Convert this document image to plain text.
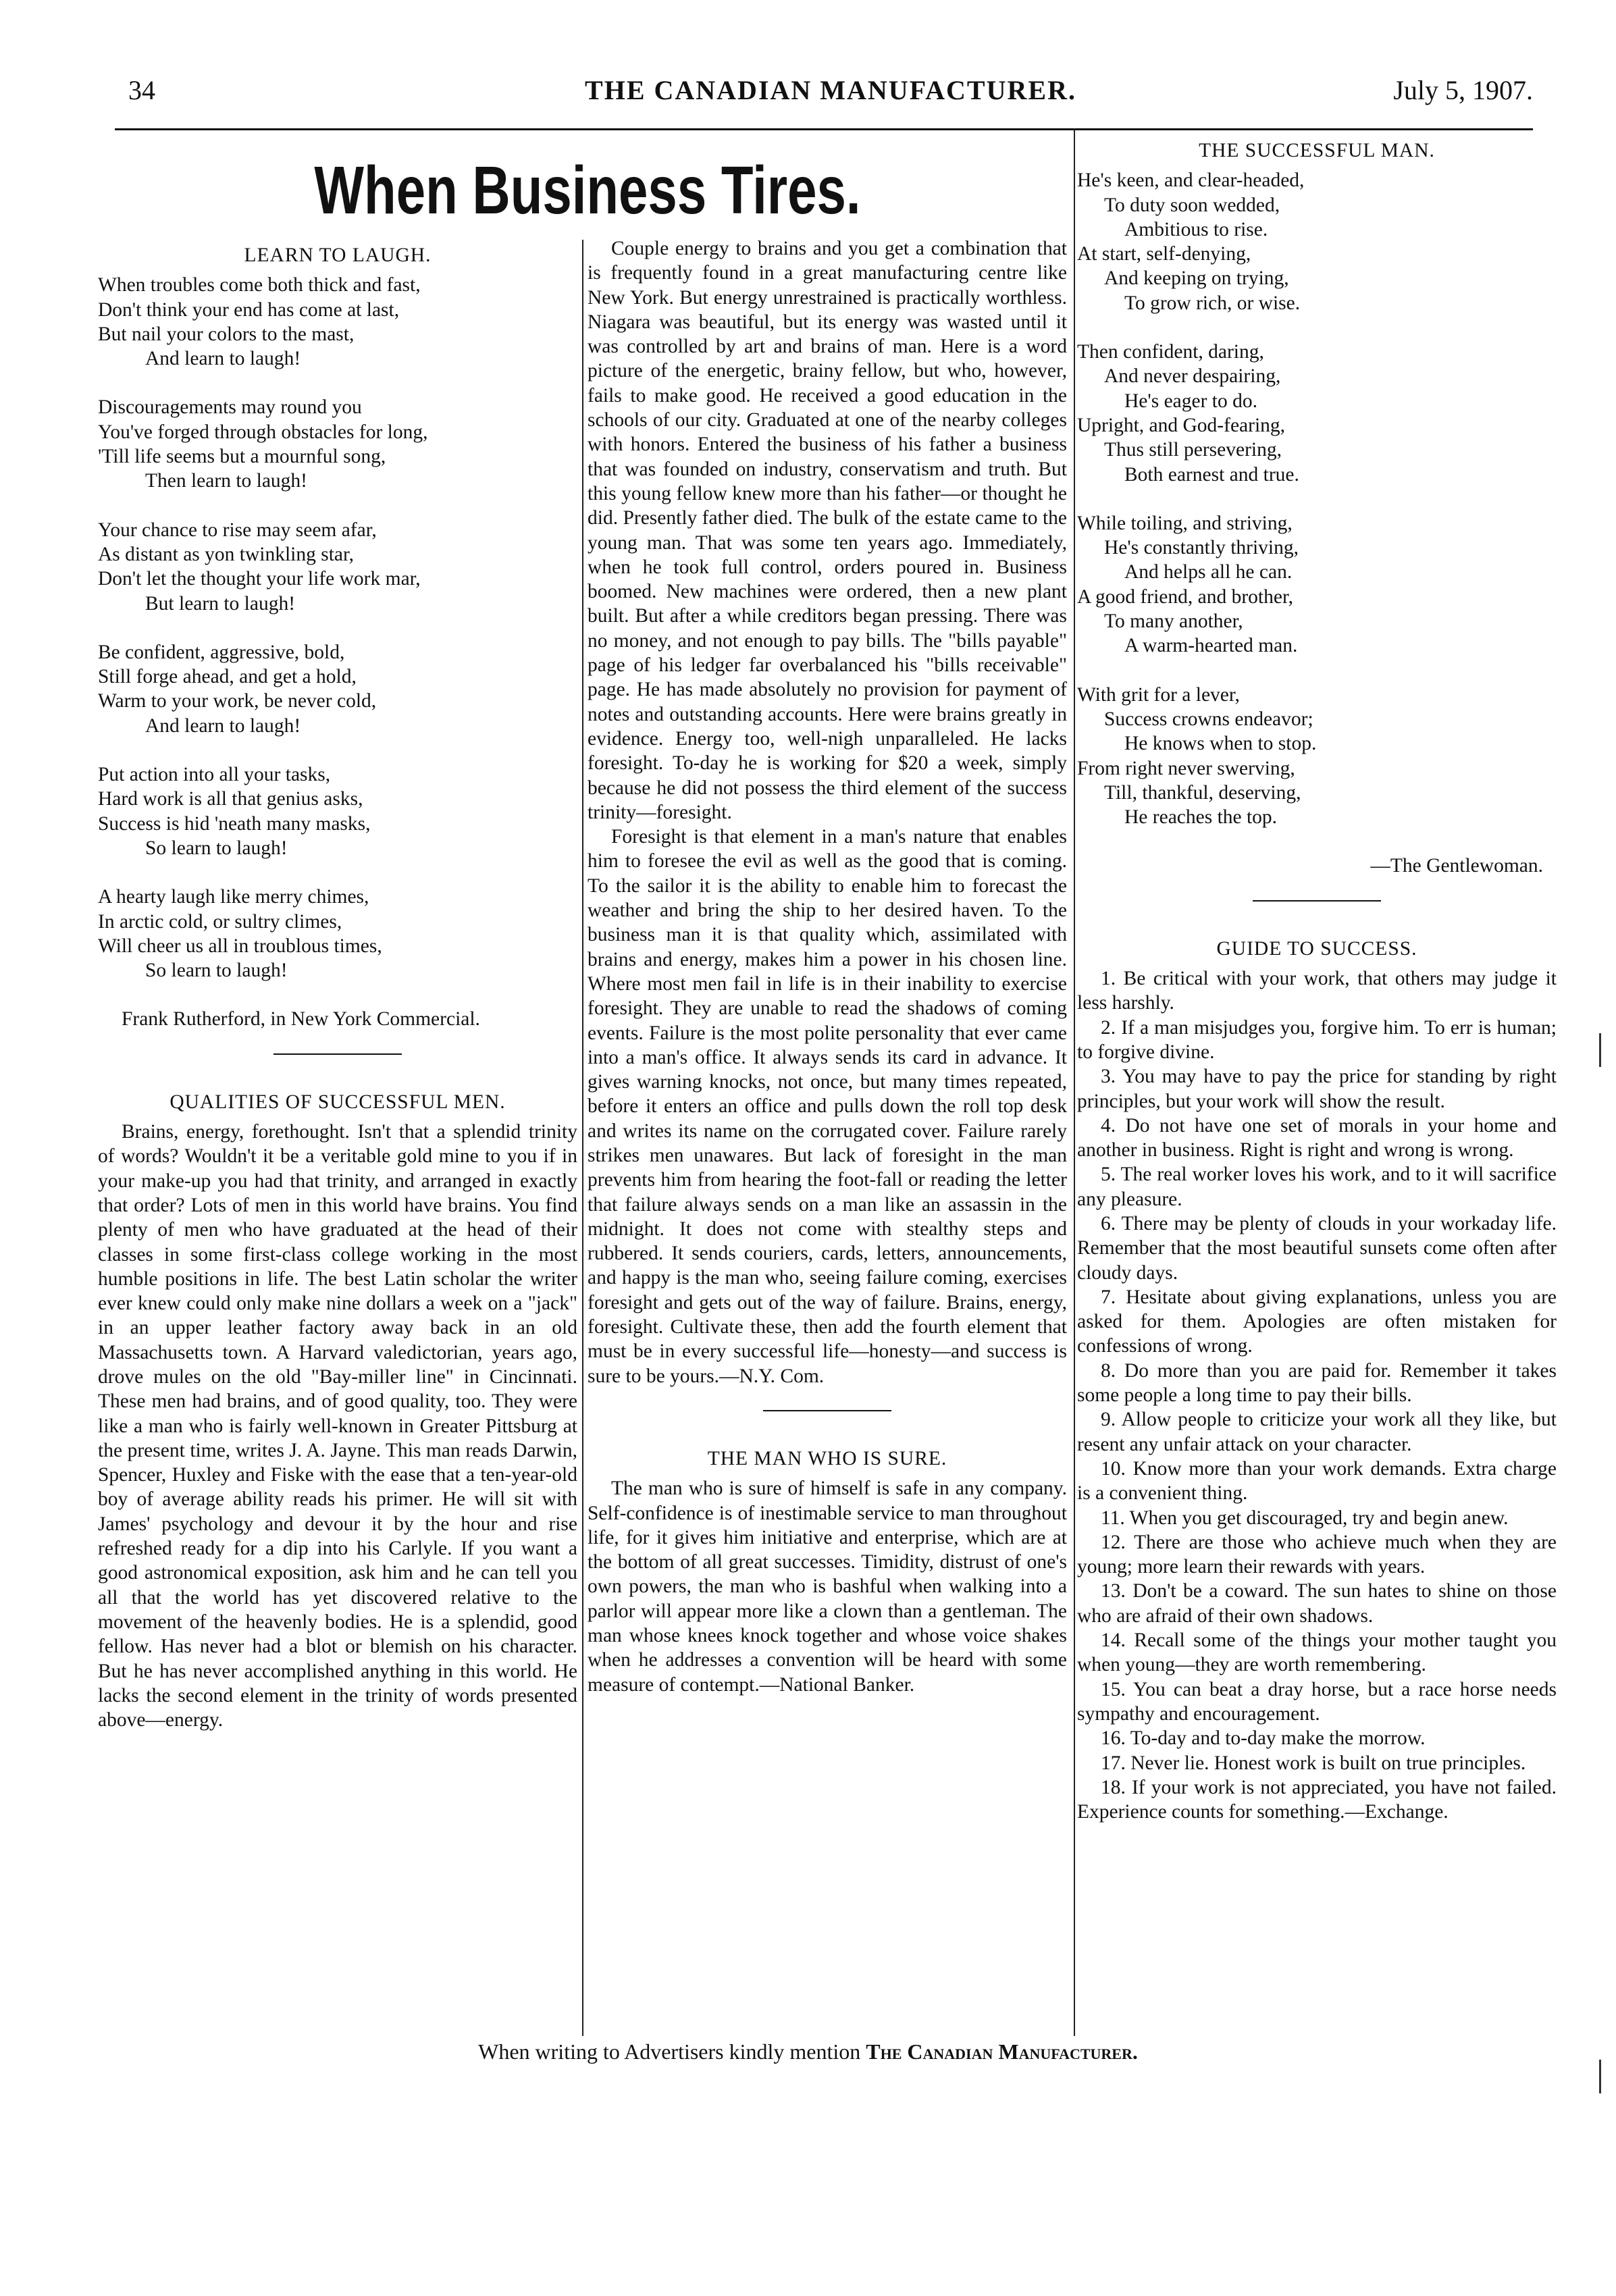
34	THE CANADIAN MANUFACTURER.	July 5, 1907.
When Business Tires.
LEARN TO LAUGH.

When troubles come both thick and fast,

Don't think your end has come at last,

But nail your colors to the mast,

And learn to laugh!

Discouragements may round you

You've forged through obstacles for long,

'Till life seems but a mournful song,

Then learn to laugh!

Your chance to rise may seem afar,

As distant as yon twinkling star,

Don't let the thought your life work mar,

But learn to laugh!

Be confident, aggressive, bold,

Still forge ahead, and get a hold,

Warm to your work, be never cold,

And learn to laugh!

Put action into all your tasks,

Hard work is all that genius asks,

Success is hid 'neath many masks,

So learn to laugh!

A hearty laugh like merry chimes,

In arctic cold, or sultry climes,

Will cheer us all in troublous times,

So learn to laugh!

Frank Rutherford, in New York Commercial.

QUALITIES OF SUCCESSFUL MEN.

Brains, energy, forethought. Isn't that a splendid trinity of words? Wouldn't it be a veritable gold mine to you if in your make-up you had that trinity, and arranged in exactly that order? Lots of men in this world have brains. You find plenty of men who have graduated at the head of their classes in some first-class college working in the most humble positions in life. The best Latin scholar the writer ever knew could only make nine dollars a week on a "jack" in an upper leather factory away back in an old Massachusetts town. A Harvard valedictorian, years ago, drove mules on the old "Bay-miller line" in Cincinnati. These men had brains, and of good quality, too. They were like a man who is fairly well-known in Greater Pittsburg at the present time, writes J. A. Jayne. This man reads Darwin, Spencer, Huxley and Fiske with the ease that a ten-year-old boy of average ability reads his primer. He will sit with James' psychology and devour it by the hour and rise refreshed ready for a dip into his Carlyle. If you want a good astronomical exposition, ask him and he can tell you all that the world has yet discovered relative to the movement of the heavenly bodies. He is a splendid, good fellow. Has never had a blot or blemish on his character. But he has never accomplished anything in this world. He lacks the second element in the trinity of words presented above—energy.

Couple energy to brains and you get a combination that is frequently found in a great manufacturing centre like New York. But energy unrestrained is practically worthless. Niagara was beautiful, but its energy was wasted until it was controlled by art and brains of man. Here is a word picture of the energetic, brainy fellow, but who, however, fails to make good. He received a good education in the schools of our city. Graduated at one of the nearby colleges with honors. Entered the business of his father a business that was founded on industry, conservatism and truth. But this young fellow knew more than his father—or thought he did. Presently father died. The bulk of the estate came to the young man. That was some ten years ago. Immediately, when he took full control, orders poured in. Business boomed. New machines were ordered, then a new plant built. But after a while creditors began pressing. There was no money, and not enough to pay bills. The "bills payable" page of his ledger far overbalanced his "bills receivable" page. He has made absolutely no provision for payment of notes and outstanding accounts. Here were brains greatly in evidence. Energy too, well-nigh unparalleled. He lacks foresight. To-day he is working for $20 a week, simply because he did not possess the third element of the success trinity—foresight.

Foresight is that element in a man's nature that enables him to foresee the evil as well as the good that is coming. To the sailor it is the ability to enable him to forecast the weather and bring the ship to her desired haven. To the business man it is that quality which, assimilated with brains and energy, makes him a power in his chosen line. Where most men fail in life is in their inability to exercise foresight. They are unable to read the shadows of coming events. Failure is the most polite personality that ever came into a man's office. It always sends its card in advance. It gives warning knocks, not once, but many times repeated, before it enters an office and pulls down the roll top desk and writes its name on the corrugated cover. Failure rarely strikes men unawares. But lack of foresight in the man prevents him from hearing the foot-fall or reading the letter that failure always sends on a man like an assassin in the midnight. It does not come with stealthy steps and rubbered. It sends couriers, cards, letters, announcements, and happy is the man who, seeing failure coming, exercises foresight and gets out of the way of failure. Brains, energy, foresight. Cultivate these, then add the fourth element that must be in every successful life—honesty—and success is sure to be yours.—N.Y. Com.

THE MAN WHO IS SURE.

The man who is sure of himself is safe in any company. Self-confidence is of inestimable service to man throughout life, for it gives him initiative and enterprise, which are at the bottom of all great successes. Timidity, distrust of one's own powers, the man who is bashful when walking into a parlor will appear more like a clown than a gentleman. The man whose knees knock together and whose voice shakes when he addresses a convention will be heard with some measure of contempt.—National Banker.

THE SUCCESSFUL MAN.

He's keen, and clear-headed,

To duty soon wedded,

Ambitious to rise.

At start, self-denying,

And keeping on trying,

To grow rich, or wise.

Then confident, daring,

And never despairing,

He's eager to do.

Upright, and God-fearing,

Thus still persevering,

Both earnest and true.

While toiling, and striving,

He's constantly thriving,

And helps all he can.

A good friend, and brother,

To many another,

A warm-hearted man.

With grit for a lever,

Success crowns endeavor;

He knows when to stop.

From right never swerving,

Till, thankful, deserving,

He reaches the top.

—The Gentlewoman.

GUIDE TO SUCCESS.

1. Be critical with your work, that others may judge it less harshly.

2. If a man misjudges you, forgive him. To err is human; to forgive divine.

3. You may have to pay the price for standing by right principles, but your work will show the result.

4. Do not have one set of morals in your home and another in business. Right is right and wrong is wrong.

5. The real worker loves his work, and to it will sacrifice any pleasure.

6. There may be plenty of clouds in your workaday life. Remember that the most beautiful sunsets come often after cloudy days.

7. Hesitate about giving explanations, unless you are asked for them. Apologies are often mistaken for confessions of wrong.

8. Do more than you are paid for. Remember it takes some people a long time to pay their bills.

9. Allow people to criticize your work all they like, but resent any unfair attack on your character.

10. Know more than your work demands. Extra charge is a convenient thing.

11. When you get discouraged, try and begin anew.

12. There are those who achieve much when they are young; more learn their rewards with years.

13. Don't be a coward. The sun hates to shine on those who are afraid of their own shadows.

14. Recall some of the things your mother taught you when young—they are worth remembering.

15. You can beat a dray horse, but a race horse needs sympathy and encouragement.

16. To-day and to-day make the morrow.

17. Never lie. Honest work is built on true principles.

18. If your work is not appreciated, you have not failed. Experience counts for something.—Exchange.

When writing to Advertisers kindly mention The Canadian Manufacturer.
